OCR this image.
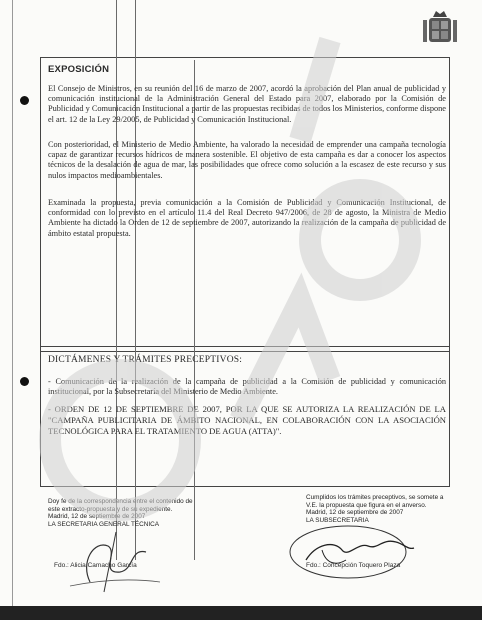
EXPOSICIÓN

El Consejo de Ministros, en su reunión del 16 de marzo de 2007, acordó la aprobación del Plan anual de publicidad y comunicación institucional de la Administración General del Estado para 2007, elaborado por la Comisión de Publicidad y Comunicación Institucional a partir de las propuestas recibidas de todos los Ministerios, conforme dispone el art. 12 de la Ley 29/2005, de Publicidad y Comunicación Institucional.

Con posterioridad, el Ministerio de Medio Ambiente, ha valorado la necesidad de emprender una campaña tecnología capaz de garantizar recursos hídricos de manera sostenible. El objetivo de esta campaña es dar a conocer los aspectos técnicos de la desalación de agua de mar, las posibilidades que ofrece como solución a la escasez de este recurso y sus nulos impactos medioambientales.

Examinada la propuesta, previa comunicación a la Comisión de Publicidad y Comunicación Institucional, de conformidad con lo previsto en el artículo 11.4 del Real Decreto 947/2006, de 28 de agosto, la Ministra de Medio Ambiente ha dictado la Orden de 12 de septiembre de 2007, autorizando la realización de la campaña de publicidad de ámbito estatal propuesta.

DICTÁMENES Y TRÁMITES PRECEPTIVOS:

- Comunicación de la realización de la campaña de publicidad a la Comisión de publicidad y comunicación institucional, por la Subsecretaría del Ministerio de Medio Ambiente.

- ORDEN DE 12 DE SEPTIEMBRE DE 2007, POR LA QUE SE AUTORIZA LA REALIZACIÓN DE LA "CAMPAÑA PUBLICITARIA DE ÁMBITO NACIONAL, EN COLABORACIÓN CON LA ASOCIACIÓN TECNOLÓGICA PARA EL TRATAMIENTO DE AGUA (ATTA)".

Doy fe de la correspondencia entre el contenido de
este extracto-propuesta y de su expediente.
Madrid, 12 de septiembre de 2007
LA SECRETARIA GENERAL TÉCNICA
Fdo.: Alicia Camacho García
Cumplidos los trámites preceptivos, se somete a
V.E. la propuesta que figura en el anverso.
Madrid, 12 de septiembre de 2007
LA SUBSECRETARIA
Fdo.: Concepción Toquero Plaza
